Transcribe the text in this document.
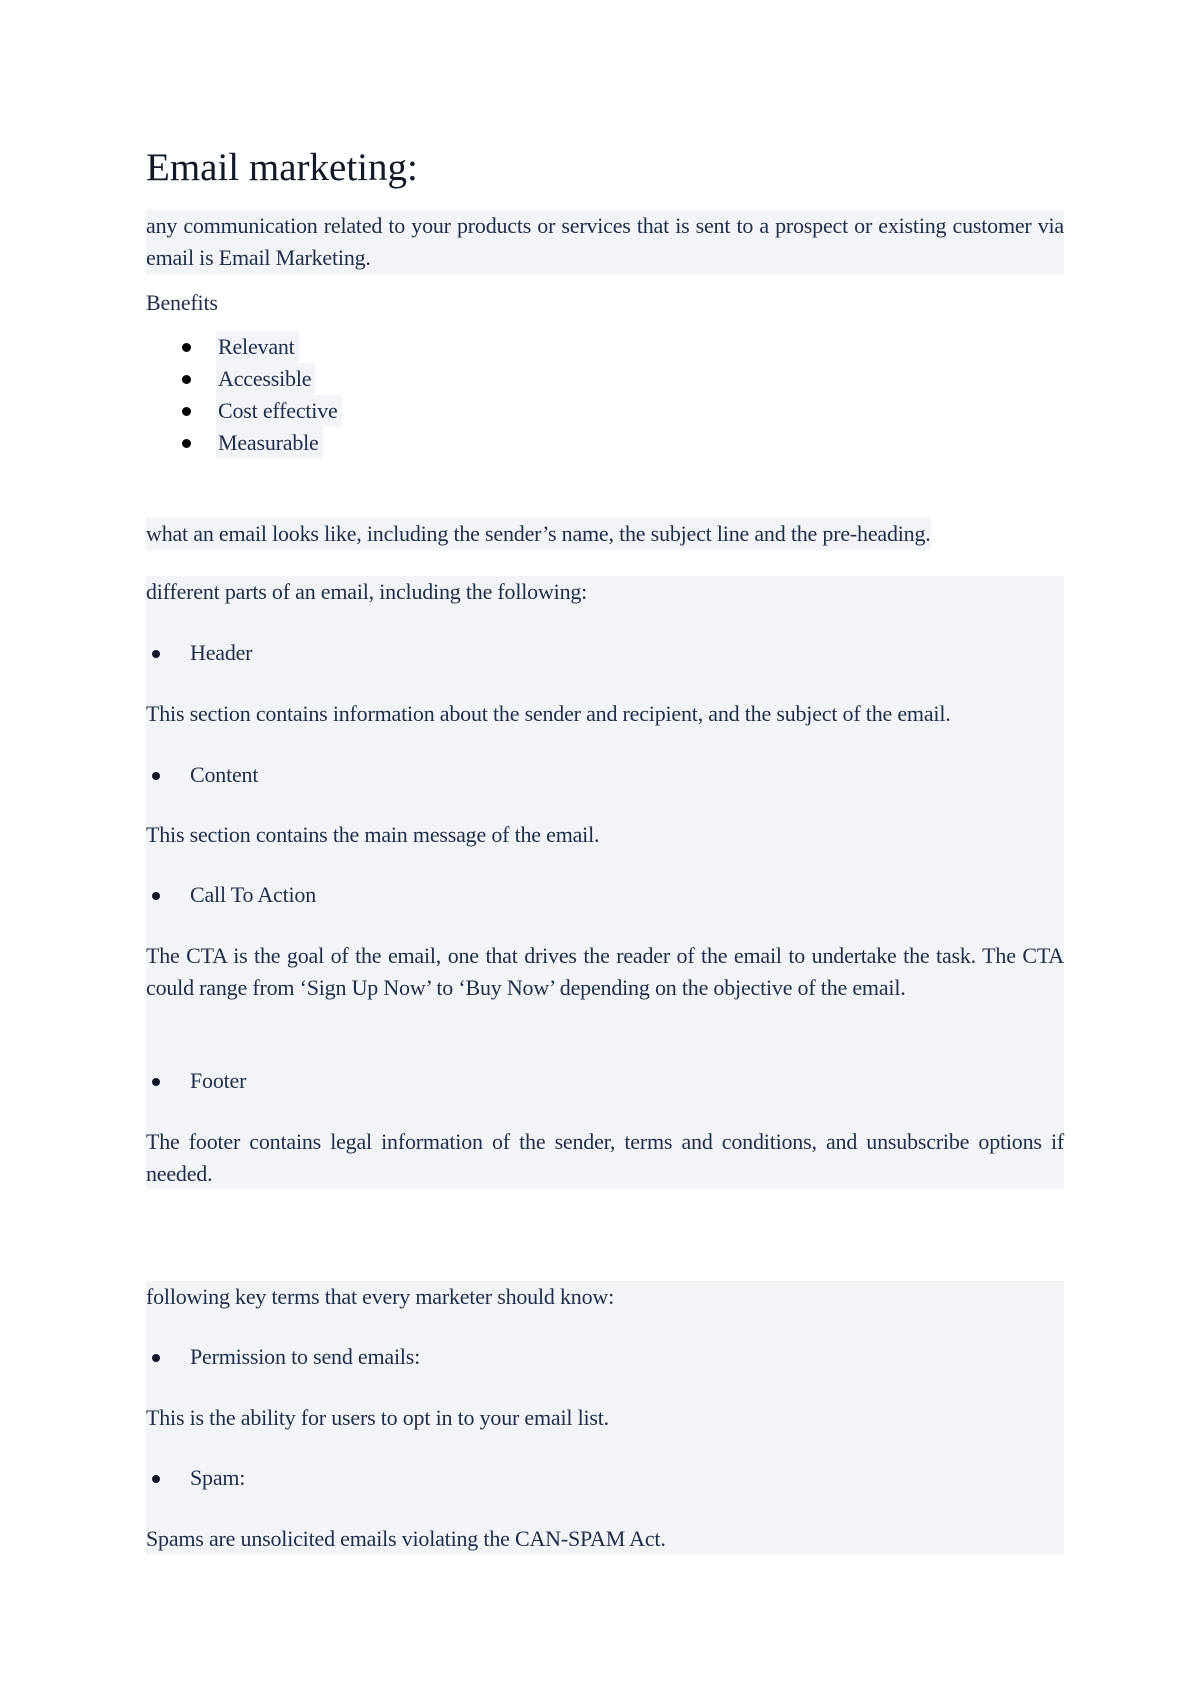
Email marketing:
any communication related to your products or services that is sent to a prospect or existing customer via email is Email Marketing.
Benefits
Relevant
Accessible
Cost effective
Measurable
what an email looks like, including the sender’s name, the subject line and the pre-heading.
different parts of an email, including the following:
Header
This section contains information about the sender and recipient, and the subject of the email.
Content
This section contains the main message of the email.
Call To Action
The CTA is the goal of the email, one that drives the reader of the email to undertake the task. The CTA could range from ‘Sign Up Now’ to ‘Buy Now’ depending on the objective of the email.
Footer
The footer contains legal information of the sender, terms and conditions, and unsubscribe options if needed.
following key terms that every marketer should know:
Permission to send emails:
This is the ability for users to opt in to your email list.
Spam:
Spams are unsolicited emails violating the CAN-SPAM Act.
